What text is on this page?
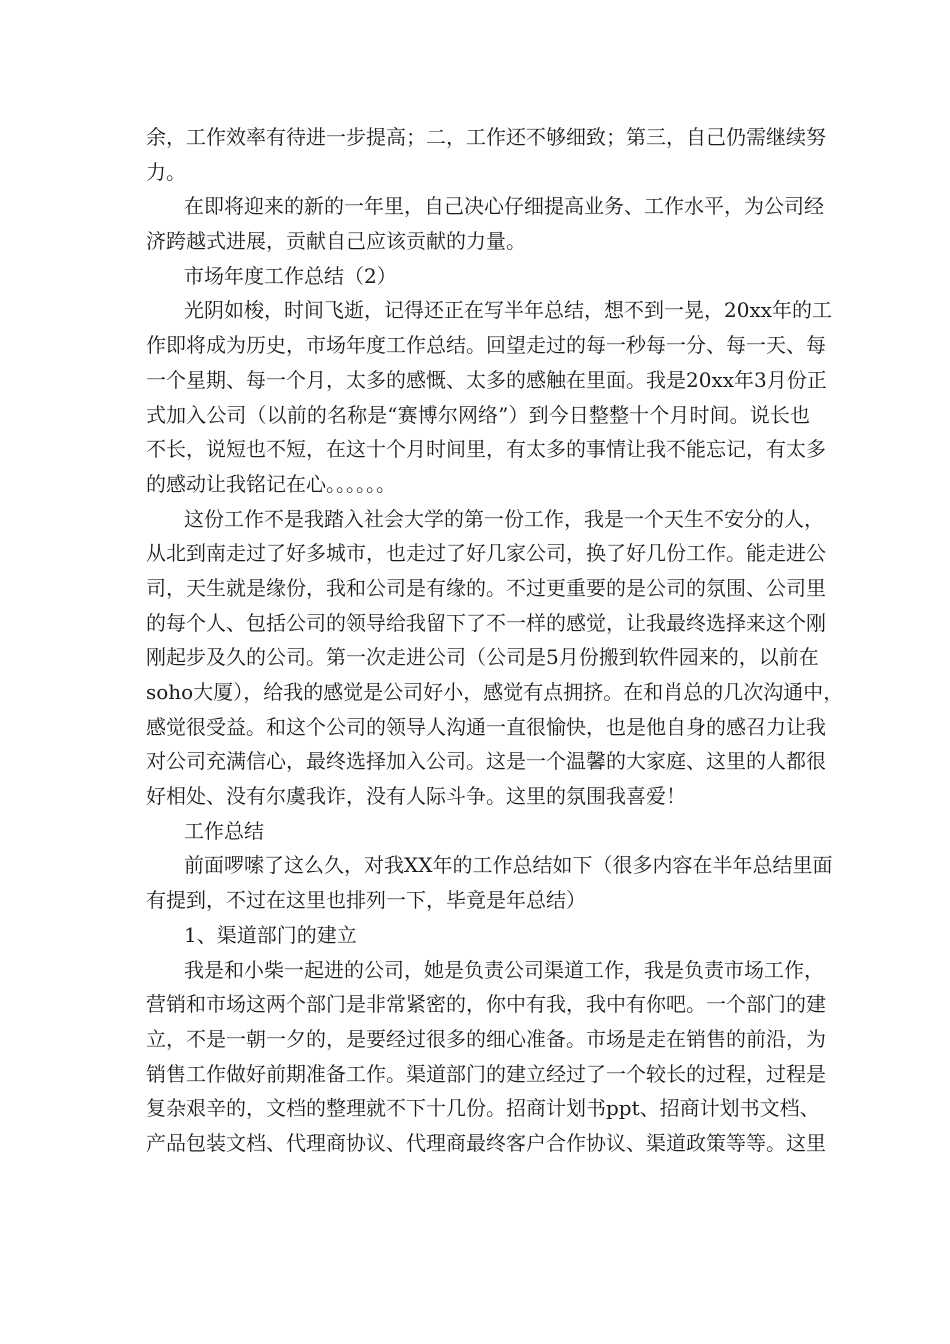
余，工作效率有待进一步提高；二，工作还不够细致；第三，自己仍需继续努
力。
在即将迎来的新的一年里，自己决心仔细提高业务、工作水平，为公司经
济跨越式进展，贡献自己应该贡献的力量。
市场年度工作总结（2）
光阴如梭，时间飞逝，记得还正在写半年总结，想不到一晃，20xx年的工
作即将成为历史，市场年度工作总结。回望走过的每一秒每一分、每一天、每
一个星期、每一个月，太多的感慨、太多的感触在里面。我是20xx年3月份正
式加入公司（以前的名称是“赛博尔网络”）到今日整整十个月时间。说长也
不长，说短也不短，在这十个月时间里，有太多的事情让我不能忘记，有太多
的感动让我铭记在心。。。。。。
这份工作不是我踏入社会大学的第一份工作，我是一个天生不安分的人，
从北到南走过了好多城市，也走过了好几家公司，换了好几份工作。能走进公
司，天生就是缘份，我和公司是有缘的。不过更重要的是公司的氛围、公司里
的每个人、包括公司的领导给我留下了不一样的感觉，让我最终选择来这个刚
刚起步及久的公司。第一次走进公司（公司是5月份搬到软件园来的，以前在
soho大厦），给我的感觉是公司好小，感觉有点拥挤。在和肖总的几次沟通中，
感觉很受益。和这个公司的领导人沟通一直很愉快，也是他自身的感召力让我
对公司充满信心，最终选择加入公司。这是一个温馨的大家庭、这里的人都很
好相处、没有尔虞我诈，没有人际斗争。这里的氛围我喜爱！
工作总结
前面啰嗦了这么久，对我XX年的工作总结如下（很多内容在半年总结里面
有提到，不过在这里也排列一下，毕竟是年总结）
1、渠道部门的建立
我是和小柴一起进的公司，她是负责公司渠道工作，我是负责市场工作，
营销和市场这两个部门是非常紧密的，你中有我，我中有你吧。一个部门的建
立，不是一朝一夕的，是要经过很多的细心准备。市场是走在销售的前沿，为
销售工作做好前期准备工作。渠道部门的建立经过了一个较长的过程，过程是
复杂艰辛的，文档的整理就不下十几份。招商计划书ppt、招商计划书文档、
产品包装文档、代理商协议、代理商最终客户合作协议、渠道政策等等。这里
